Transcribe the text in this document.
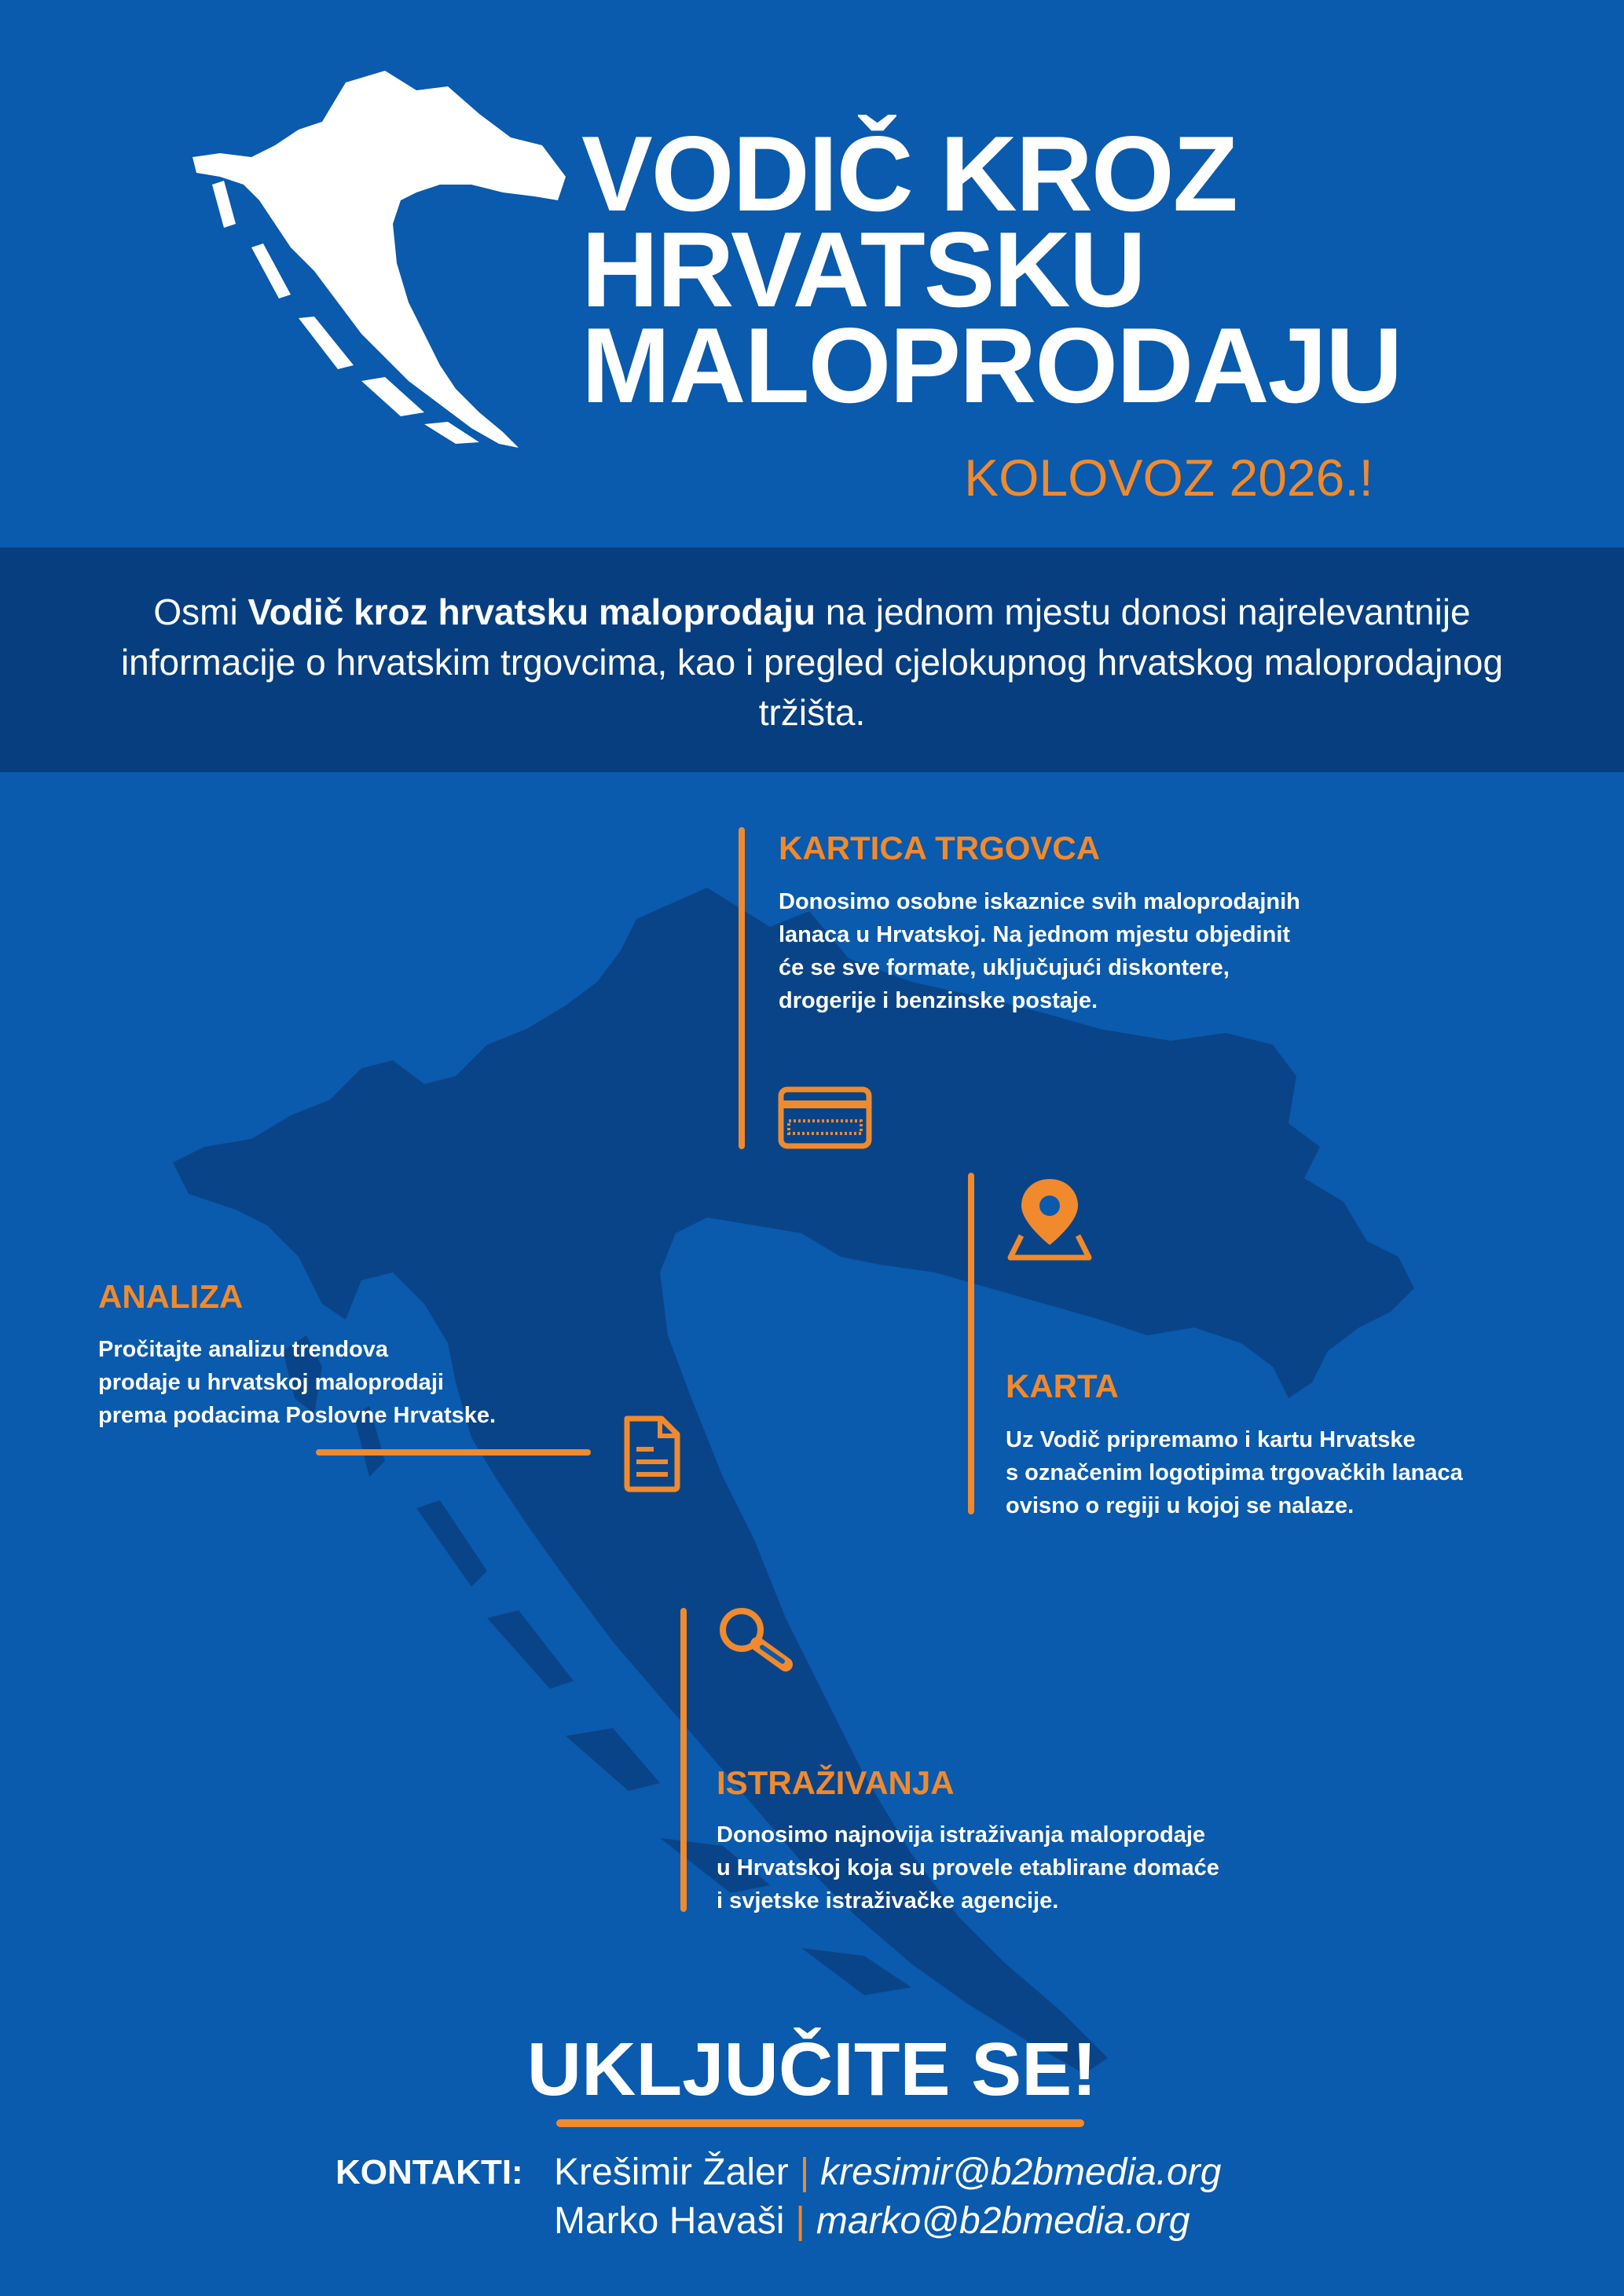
VODIČ KROZ
HRVATSKU
MALOPRODAJU
KOLOVOZ 2026.!

Osmi Vodič kroz hrvatsku maloprodaju na jednom mjestu donosi najrelevantnije informacije o hrvatskim trgovcima, kao i pregled cjelokupnog hrvatskog maloprodajnog tržišta.

KARTICA TRGOVCA
Donosimo osobne iskaznice svih maloprodajnih
lanaca u Hrvatskoj. Na jednom mjestu objedinit
će se sve formate, uključujući diskontere,
drogerije i benzinske postaje.
KARTA
Uz Vodič pripremamo i kartu Hrvatske
s označenim logotipima trgovačkih lanaca
ovisno o regiji u kojoj se nalaze.
ANALIZA
Pročitajte analizu trendova
prodaje u hrvatskoj maloprodaji
prema podacima Poslovne Hrvatske.
ISTRAŽIVANJA
Donosimo najnovija istraživanja maloprodaje
u Hrvatskoj koja su provele etablirane domaće
i svjetske istraživačke agencije.
UKLJUČITE SE!
KONTAKTI: Krešimir Žaler | kresimir@b2bmedia.org
Marko Havaši | marko@b2bmedia.org
